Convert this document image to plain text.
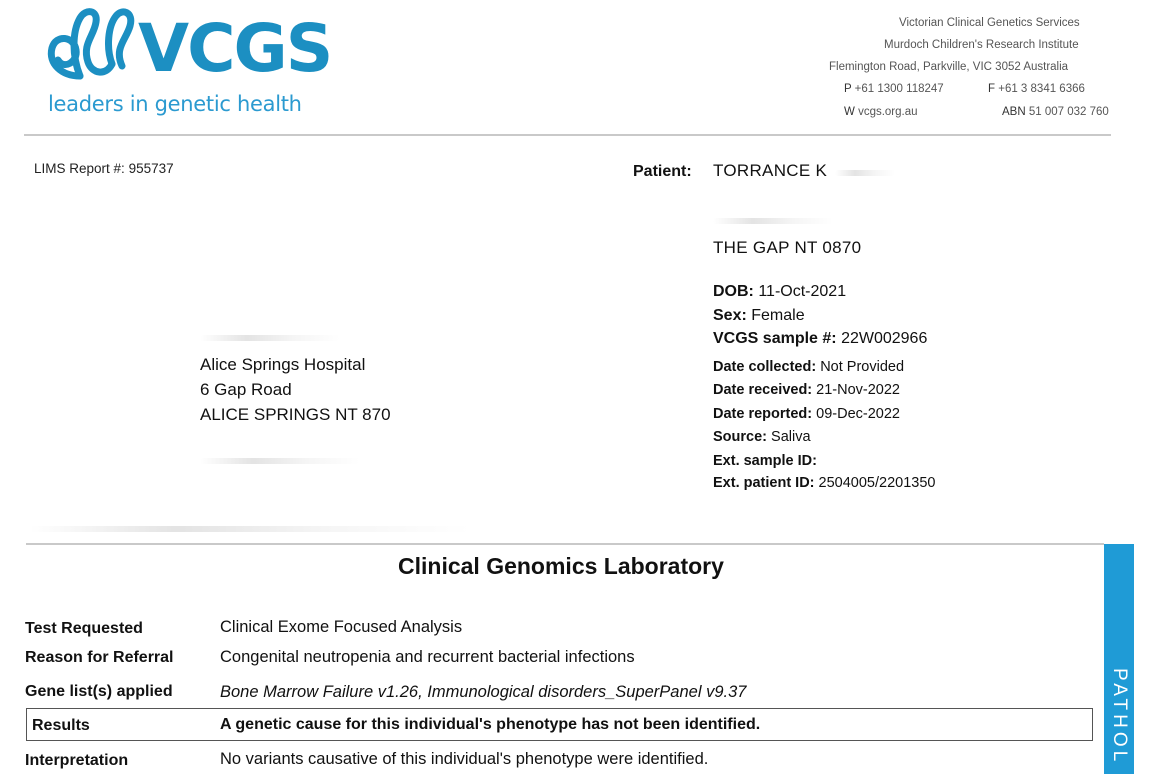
VCGS
leaders in genetic health
Victorian Clinical Genetics Services
Murdoch Children's Research Institute
Flemington Road, Parkville, VIC 3052 Australia
P +61 1300 118247	F +61 3 8341 6366
W vcgs.org.au	ABN 51 007 032 760
LIMS Report #: 955737	Patient: TORRANCE K
THE GAP NT 0870
DOB: 11-Oct-2021
Sex: Female
VCGS sample #: 22W002966
Date collected: Not Provided
Date received: 21-Nov-2022
Date reported: 09-Dec-2022
Source: Saliva
Ext. sample ID:
Ext. patient ID: 2504005/2201350
Alice Springs Hospital
6 Gap Road
ALICE SPRINGS NT 870
Clinical Genomics Laboratory
Test Requested	Clinical Exome Focused Analysis
Reason for Referral	Congenital neutropenia and recurrent bacterial infections
Gene list(s) applied	Bone Marrow Failure v1.26, Immunological disorders_SuperPanel v9.37
Results	A genetic cause for this individual's phenotype has not been identified.
Interpretation	No variants causative of this individual's phenotype were identified.	PATHOL
